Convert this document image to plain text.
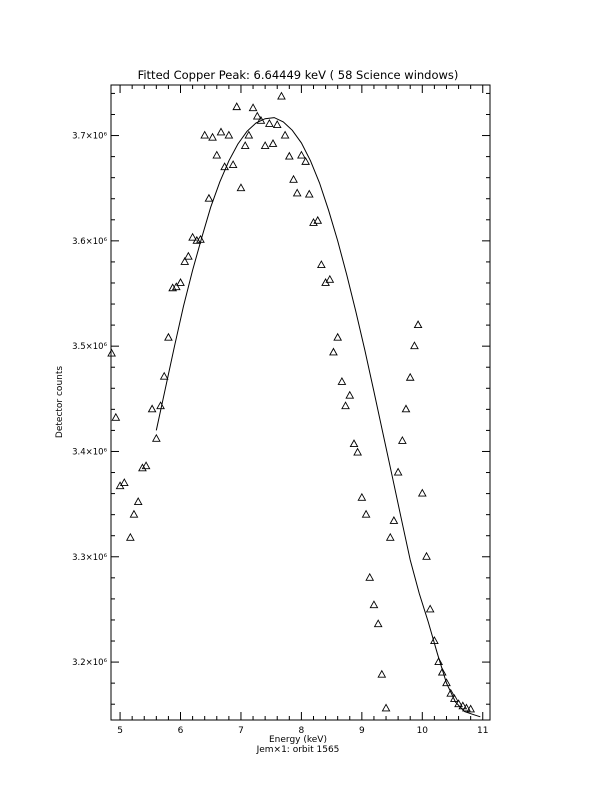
Fitted Copper Peak: 6.64449 keV ( 58 Science windows)
5	6	7	8	9	10	11
3.2×10⁶
3.3×10⁶
3.4×10⁶
3.5×10⁶
3.6×10⁶
3.7×10⁶
Energy (keV)
Jem×1: orbit 1565
Detector counts
